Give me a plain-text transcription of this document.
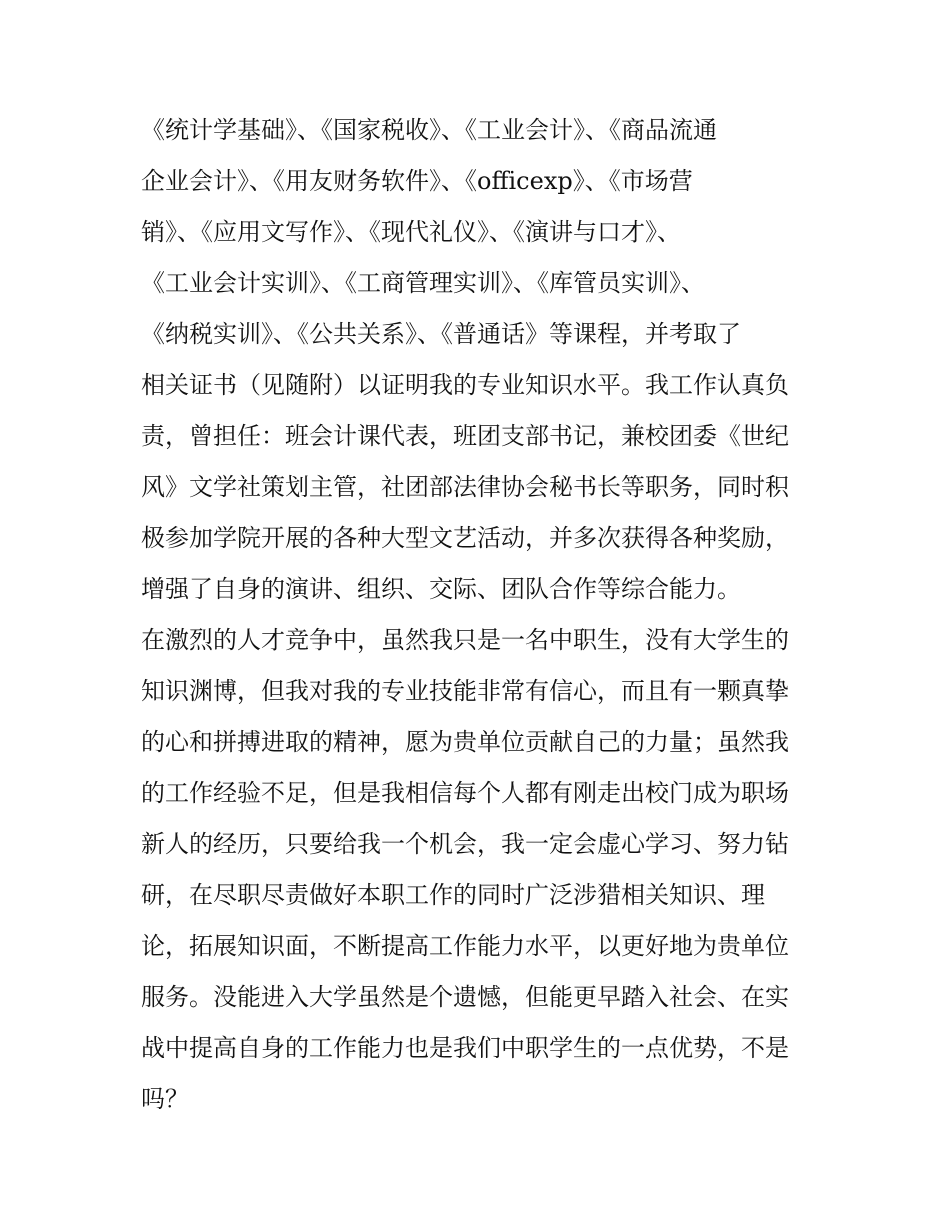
《统计学基础》、《国家税收》、《工业会计》、《商品流通
企业会计》、《用友财务软件》、《officexp》、《市场营
销》、《应用文写作》、《现代礼仪》、《演讲与口才》、
《工业会计实训》、《工商管理实训》、《库管员实训》、
《纳税实训》、《公共关系》、《普通话》等课程，并考取了
相关证书（见随附）以证明我的专业知识水平。我工作认真负
责，曾担任：班会计课代表，班团支部书记，兼校团委《世纪
风》文学社策划主管，社团部法律协会秘书长等职务，同时积
极参加学院开展的各种大型文艺活动，并多次获得各种奖励，
增强了自身的演讲、组织、交际、团队合作等综合能力。
在激烈的人才竞争中，虽然我只是一名中职生，没有大学生的
知识渊博，但我对我的专业技能非常有信心，而且有一颗真挚
的心和拼搏进取的精神，愿为贵单位贡献自己的力量；虽然我
的工作经验不足，但是我相信每个人都有刚走出校门成为职场
新人的经历，只要给我一个机会，我一定会虚心学习、努力钻
研，在尽职尽责做好本职工作的同时广泛涉猎相关知识、理
论，拓展知识面，不断提高工作能力水平，以更好地为贵单位
服务。没能进入大学虽然是个遗憾，但能更早踏入社会、在实
战中提高自身的工作能力也是我们中职学生的一点优势，不是
吗？
